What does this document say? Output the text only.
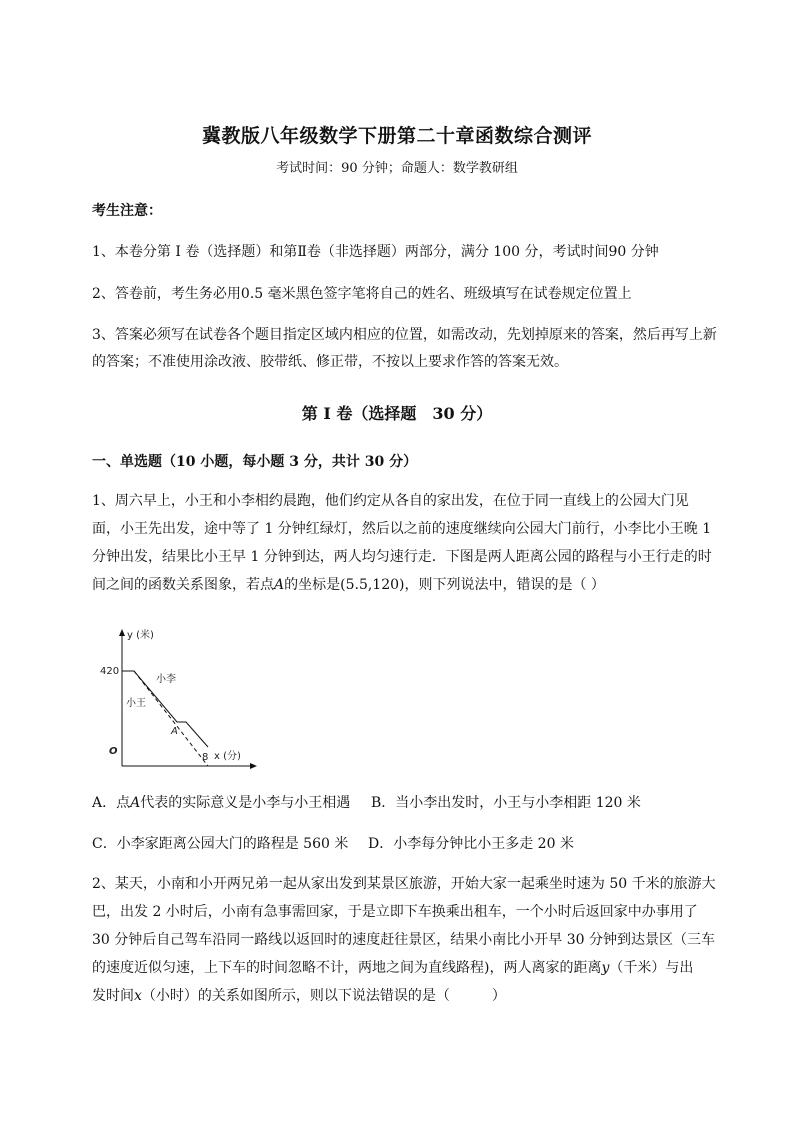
冀教版八年级数学下册第二十章函数综合测评
考试时间：90 分钟；命题人：数学教研组
考生注意：
1、本卷分第 I 卷（选择题）和第Ⅱ卷（非选择题）两部分，满分 100 分，考试时间90 分钟
2、答卷前，考生务必用0.5 毫米黑色签字笔将自己的姓名、班级填写在试卷规定位置上
3、答案必须写在试卷各个题目指定区域内相应的位置，如需改动，先划掉原来的答案，然后再写上新
的答案；不准使用涂改液、胶带纸、修正带，不按以上要求作答的答案无效。
第 I 卷（选择题　30 分）
一、单选题（10 小题，每小题 3 分，共计 30 分）
1、周六早上，小王和小李相约晨跑，他们约定从各自的家出发，在位于同一直线上的公园大门见
面，小王先出发，途中等了 1 分钟红绿灯，然后以之前的速度继续向公园大门前行，小李比小王晚 1
分钟出发，结果比小王早 1 分钟到达，两人均匀速行走．下图是两人距离公园的路程与小王行走的时
间之间的函数关系图象，若点A的坐标是(5.5,120)，则下列说法中，错误的是（ ）
y (米)
x (分)
420
8
O
A
小李
小王
A．点A代表的实际意义是小李与小王相遇 B．当小李出发时，小王与小李相距 120 米
C．小李家距离公园大门的路程是 560 米 D．小李每分钟比小王多走 20 米
2、某天，小南和小开两兄弟一起从家出发到某景区旅游，开始大家一起乘坐时速为 50 千米的旅游大
巴，出发 2 小时后，小南有急事需回家，于是立即下车换乘出租车，一个小时后返回家中办事用了
30 分钟后自己驾车沿同一路线以返回时的速度赶往景区，结果小南比小开早 30 分钟到达景区（三车
的速度近似匀速，上下车的时间忽略不计，两地之间为直线路程)，两人离家的距离y（千米）与出
发时间x（小时）的关系如图所示，则以下说法错误的是（　　　）
